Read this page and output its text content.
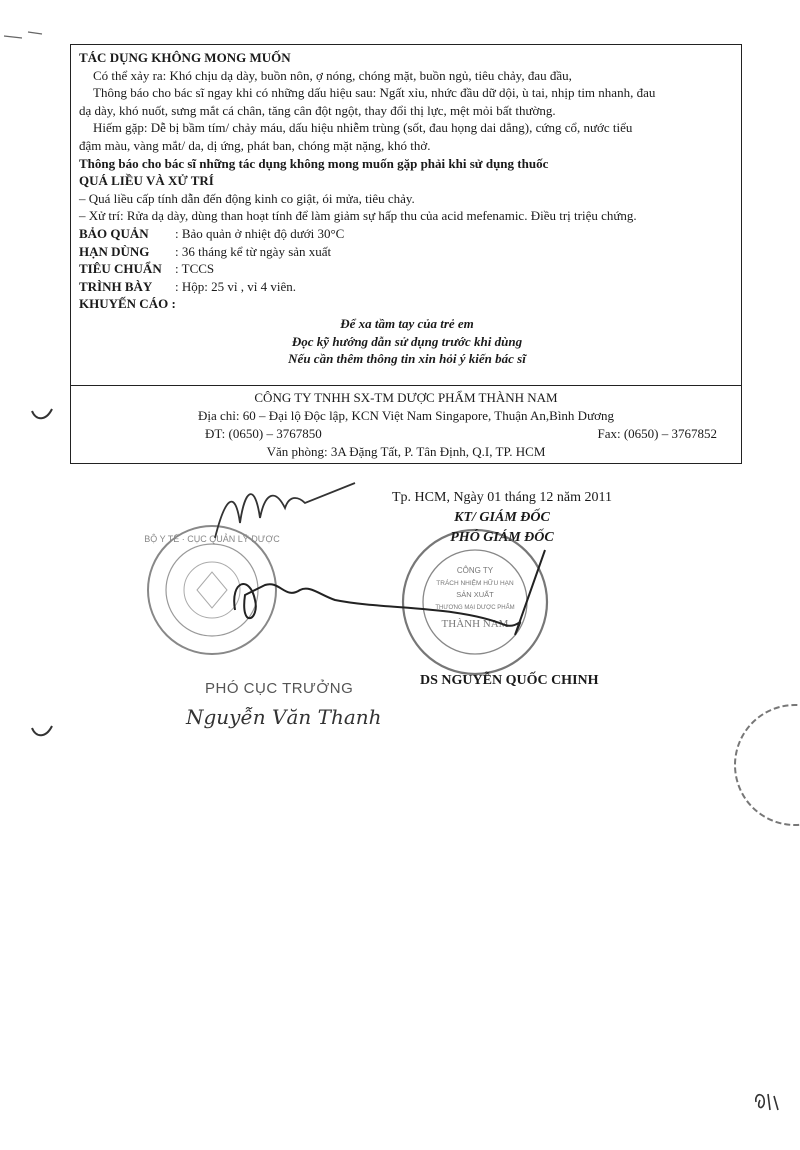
TÁC DỤNG KHÔNG MONG MUỐN
Có thể xảy ra: Khó chịu dạ dày, buồn nôn, ợ nóng, chóng mặt, buồn ngủ, tiêu chảy, đau đầu,
Thông báo cho bác sĩ ngay khi có những dấu hiệu sau: Ngất xỉu, nhức đầu dữ dội, ù tai, nhịp tim nhanh, đau
dạ dày, khó nuốt, sưng mắt cá chân, tăng cân đột ngột, thay đổi thị lực, mệt mỏi bất thường.
Hiếm gặp: Dễ bị bầm tím/ chảy máu, dấu hiệu nhiễm trùng (sốt, đau họng dai dẳng), cứng cổ, nước tiểu
đậm màu, vàng mắt/ da, dị ứng, phát ban, chóng mặt nặng, khó thở.
Thông báo cho bác sĩ những tác dụng không mong muốn gặp phải khi sử dụng thuốc
QUÁ LIỀU VÀ XỬ TRÍ
– Quá liều cấp tính dẫn đến động kinh co giật, ói mửa, tiêu chảy.
– Xử trí: Rửa dạ dày, dùng than hoạt tính để làm giảm sự hấp thu của acid mefenamic. Điều trị triệu chứng.
BẢO QUẢN	: Bảo quản ở nhiệt độ dưới 30°C
HẠN DÙNG	: 36 tháng kể từ ngày sản xuất
TIÊU CHUẨN	: TCCS
TRÌNH BÀY	: Hộp: 25 vỉ , vỉ 4 viên.
KHUYẾN CÁO :
Để xa tầm tay của trẻ em
Đọc kỹ hướng dẫn sử dụng trước khi dùng
Nếu cần thêm thông tin xin hỏi ý kiến bác sĩ
CÔNG TY TNHH SX-TM DƯỢC PHẨM THÀNH NAM
Địa chỉ: 60 – Đại lộ Độc lập, KCN Việt Nam Singapore, Thuận An,Bình Dương
ĐT: (0650) – 3767850	Fax: (0650) – 3767852
Văn phòng: 3A Đặng Tất, P. Tân Định, Q.I, TP. HCM
BỘ Y TẾ · CỤC QUẢN LÝ DƯỢC
CÔNG TY
TRÁCH NHIỆM HỮU HẠN
SẢN XUẤT
THƯƠNG MẠI DƯỢC PHẨM
THÀNH NAM
Tp. HCM, Ngày 01 tháng 12 năm 2011
KT/ GIÁM ĐỐC
PHÓ GIÁM ĐỐC
DS NGUYỄN QUỐC CHINH
PHÓ CỤC TRƯỞNG
Nguyễn Văn Thanh
